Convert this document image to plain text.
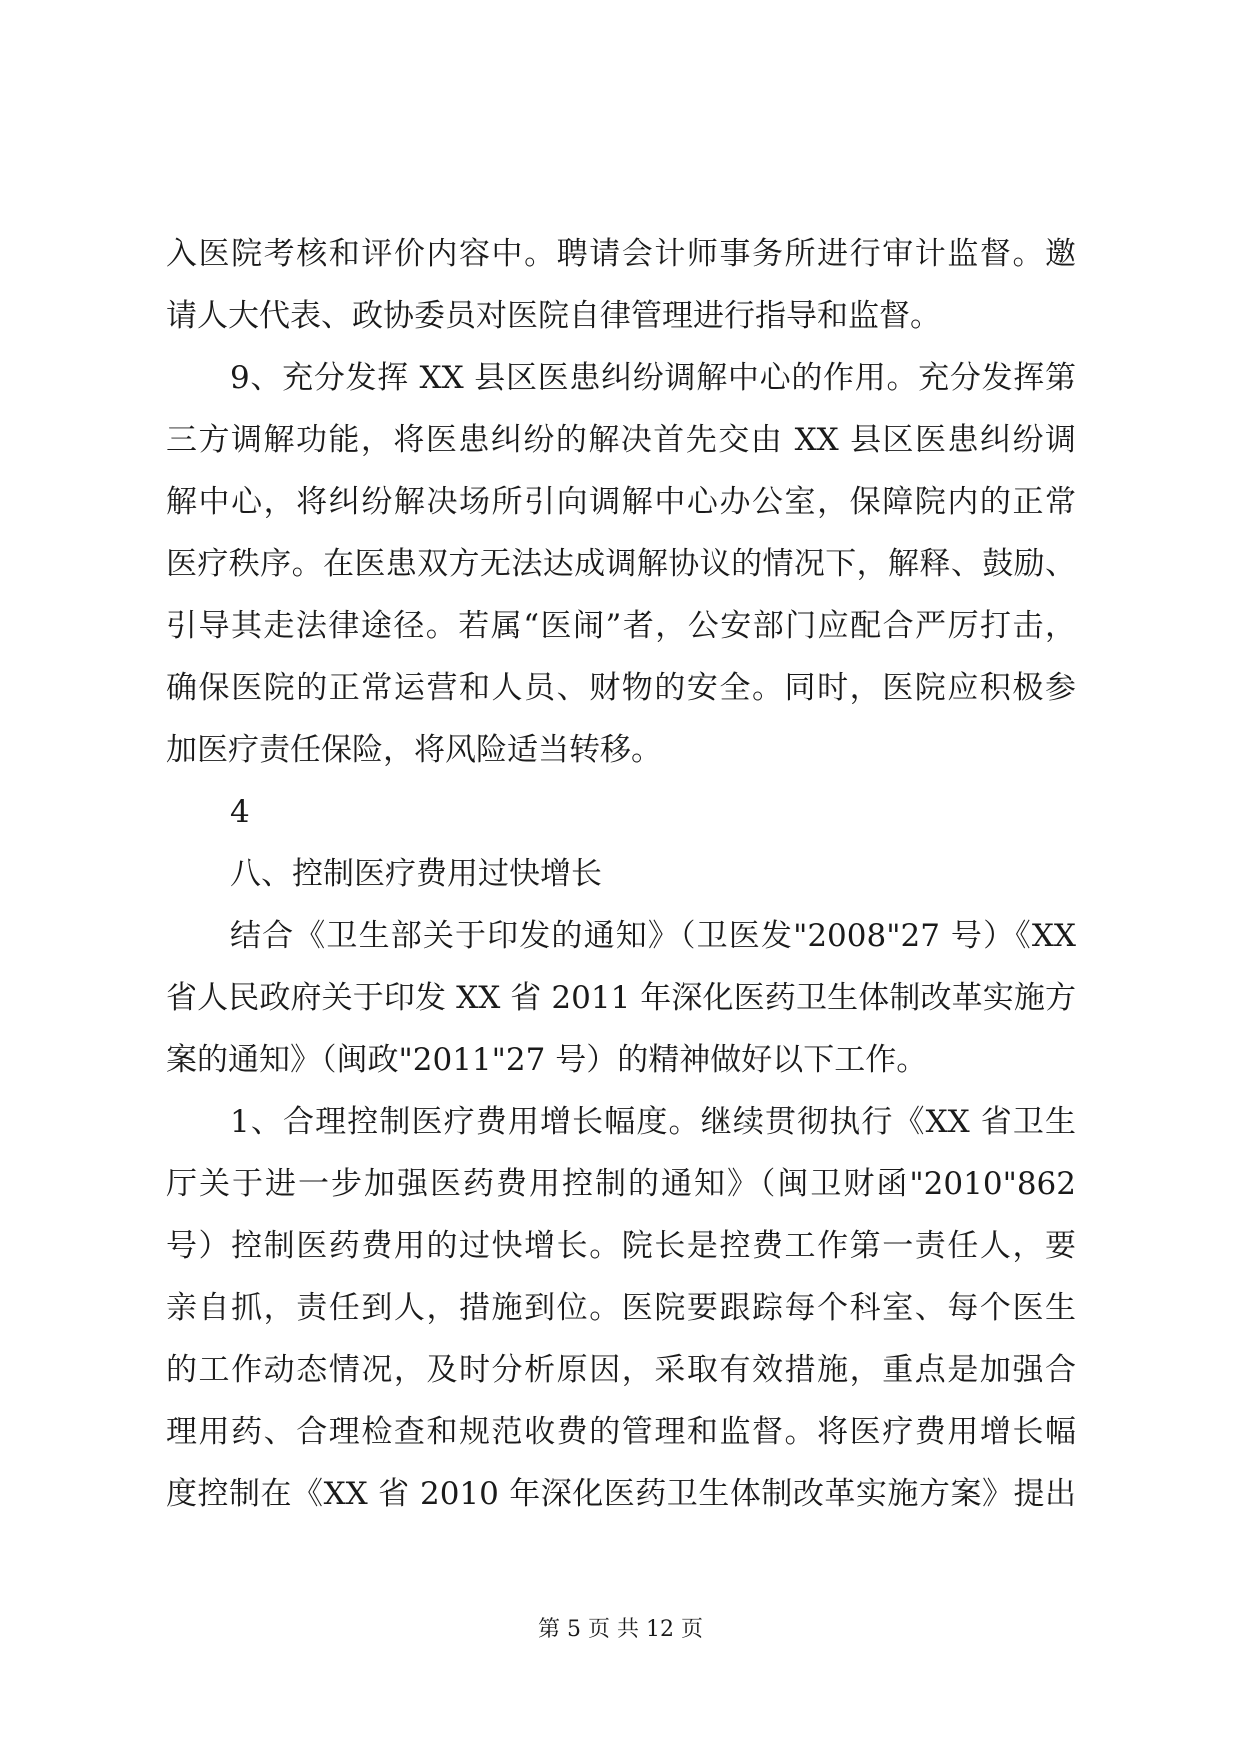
入医院考核和评价内容中。聘请会计师事务所进行审计监督。邀
请人大代表、政协委员对医院自律管理进行指导和监督。
9、充分发挥 XX 县区医患纠纷调解中心的作用。充分发挥第
三方调解功能，将医患纠纷的解决首先交由 XX 县区医患纠纷调
解中心，将纠纷解决场所引向调解中心办公室，保障院内的正常
医疗秩序。在医患双方无法达成调解协议的情况下，解释、鼓励、
引导其走法律途径。若属“医闹”者，公安部门应配合严厉打击，
确保医院的正常运营和人员、财物的安全。同时，医院应积极参
加医疗责任保险，将风险适当转移。
4
八、控制医疗费用过快增长
结合《卫生部关于印发的通知》（卫医发"2008"27 号）《XX
省人民政府关于印发 XX 省 2011 年深化医药卫生体制改革实施方
案的通知》（闽政"2011"27 号）的精神做好以下工作。
1、合理控制医疗费用增长幅度。继续贯彻执行《XX 省卫生
厅关于进一步加强医药费用控制的通知》（闽卫财函"2010"862
号）控制医药费用的过快增长。院长是控费工作第一责任人，要
亲自抓，责任到人，措施到位。医院要跟踪每个科室、每个医生
的工作动态情况，及时分析原因，采取有效措施，重点是加强合
理用药、合理检查和规范收费的管理和监督。将医疗费用增长幅
度控制在《XX 省 2010 年深化医药卫生体制改革实施方案》提出
第 5 页 共 12 页
